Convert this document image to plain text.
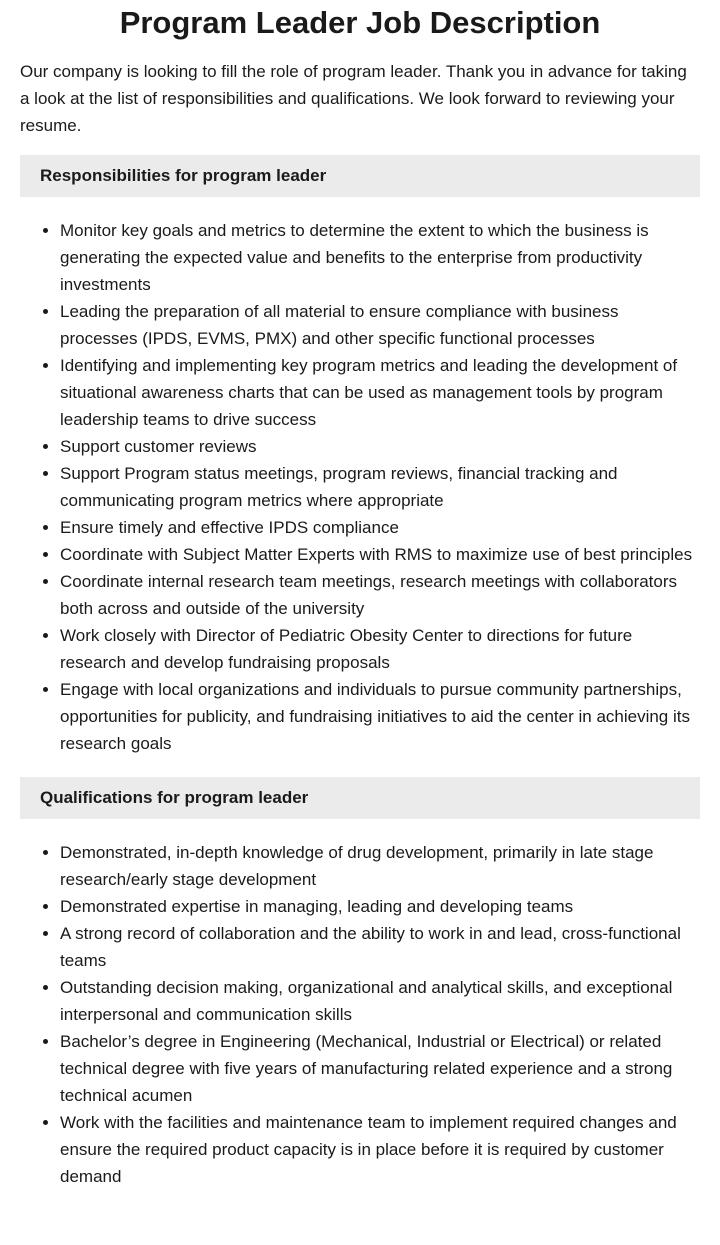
Program Leader Job Description

Our company is looking to fill the role of program leader. Thank you in advance for taking a look at the list of responsibilities and qualifications. We look forward to reviewing your resume.

Responsibilities for program leader
• Monitor key goals and metrics to determine the extent to which the business is generating the expected value and benefits to the enterprise from productivity investments
• Leading the preparation of all material to ensure compliance with business processes (IPDS, EVMS, PMX) and other specific functional processes
• Identifying and implementing key program metrics and leading the development of situational awareness charts that can be used as management tools by program leadership teams to drive success
• Support customer reviews
• Support Program status meetings, program reviews, financial tracking and communicating program metrics where appropriate
• Ensure timely and effective IPDS compliance
• Coordinate with Subject Matter Experts with RMS to maximize use of best principles
• Coordinate internal research team meetings, research meetings with collaborators both across and outside of the university
• Work closely with Director of Pediatric Obesity Center to directions for future research and develop fundraising proposals
• Engage with local organizations and individuals to pursue community partnerships, opportunities for publicity, and fundraising initiatives to aid the center in achieving its research goals
Qualifications for program leader
• Demonstrated, in-depth knowledge of drug development, primarily in late stage research/early stage development
• Demonstrated expertise in managing, leading and developing teams
• A strong record of collaboration and the ability to work in and lead, cross-functional teams
• Outstanding decision making, organizational and analytical skills, and exceptional interpersonal and communication skills
• Bachelor’s degree in Engineering (Mechanical, Industrial or Electrical) or related technical degree with five years of manufacturing related experience and a strong technical acumen
• Work with the facilities and maintenance team to implement required changes and ensure the required product capacity is in place before it is required by customer demand
